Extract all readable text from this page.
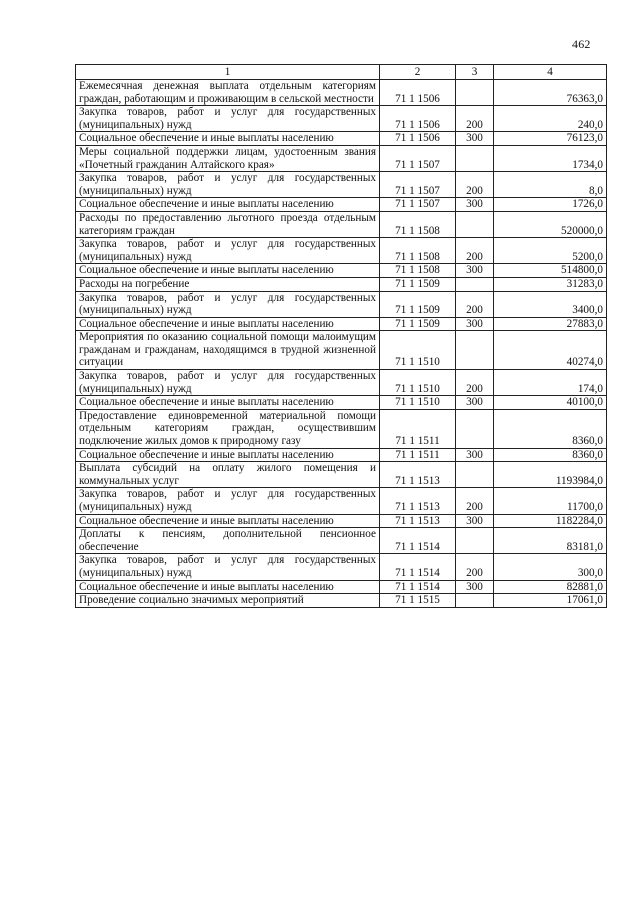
462
1	2	3	4
Ежемесячная денежная выплата отдельным категориям граждан, работающим и проживающим в сельской местности	71 1 1506		76363,0
Закупка товаров, работ и услуг для государственных (муниципальных) нужд	71 1 1506	200	240,0
Социальное обеспечение и иные выплаты населению	71 1 1506	300	76123,0
Меры социальной поддержки лицам, удостоенным звания «Почетный гражданин Алтайского края»	71 1 1507		1734,0
Закупка товаров, работ и услуг для государственных (муниципальных) нужд	71 1 1507	200	8,0
Социальное обеспечение и иные выплаты населению	71 1 1507	300	1726,0
Расходы по предоставлению льготного проезда отдельным категориям граждан	71 1 1508		520000,0
Закупка товаров, работ и услуг для государственных (муниципальных) нужд	71 1 1508	200	5200,0
Социальное обеспечение и иные выплаты населению	71 1 1508	300	514800,0
Расходы на погребение	71 1 1509		31283,0
Закупка товаров, работ и услуг для государственных (муниципальных) нужд	71 1 1509	200	3400,0
Социальное обеспечение и иные выплаты населению	71 1 1509	300	27883,0
Мероприятия по оказанию социальной помощи малоимущим гражданам и гражданам, находящимся в трудной жизненной ситуации	71 1 1510		40274,0
Закупка товаров, работ и услуг для государственных (муниципальных) нужд	71 1 1510	200	174,0
Социальное обеспечение и иные выплаты населению	71 1 1510	300	40100,0
Предоставление единовременной материальной помощи отдельным категориям граждан, осуществившим подключение жилых домов к природному газу	71 1 1511		8360,0
Социальное обеспечение и иные выплаты населению	71 1 1511	300	8360,0
Выплата субсидий на оплату жилого помещения и коммунальных услуг	71 1 1513		1193984,0
Закупка товаров, работ и услуг для государственных (муниципальных) нужд	71 1 1513	200	11700,0
Социальное обеспечение и иные выплаты населению	71 1 1513	300	1182284,0
Доплаты к пенсиям, дополнительной пенсионное обеспечение	71 1 1514		83181,0
Закупка товаров, работ и услуг для государственных (муниципальных) нужд	71 1 1514	200	300,0
Социальное обеспечение и иные выплаты населению	71 1 1514	300	82881,0
Проведение социально значимых мероприятий	71 1 1515		17061,0
